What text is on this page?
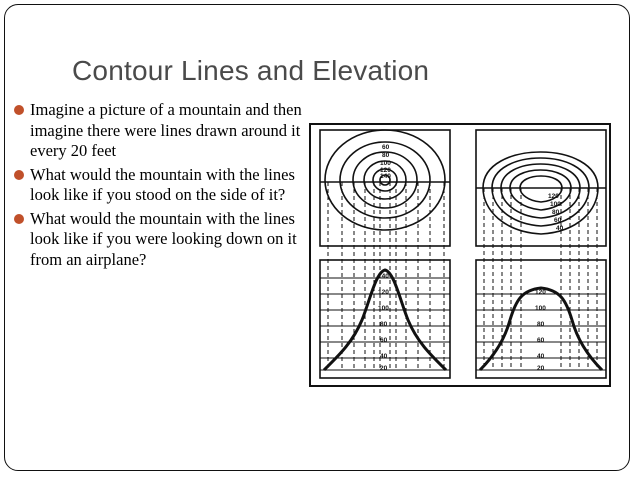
Contour Lines and Elevation
Imagine a picture of a mountain and then imagine there were lines drawn around it every 20 feet
What would the mountain with the lines look like if you stood on the side of it?
What would the mountain with the lines look like if you were looking down on it from an airplane?
60
80
100
120
140
120
100
80
60
40
140
120
100
80
60
40
20
120
100
80
60
40
20
